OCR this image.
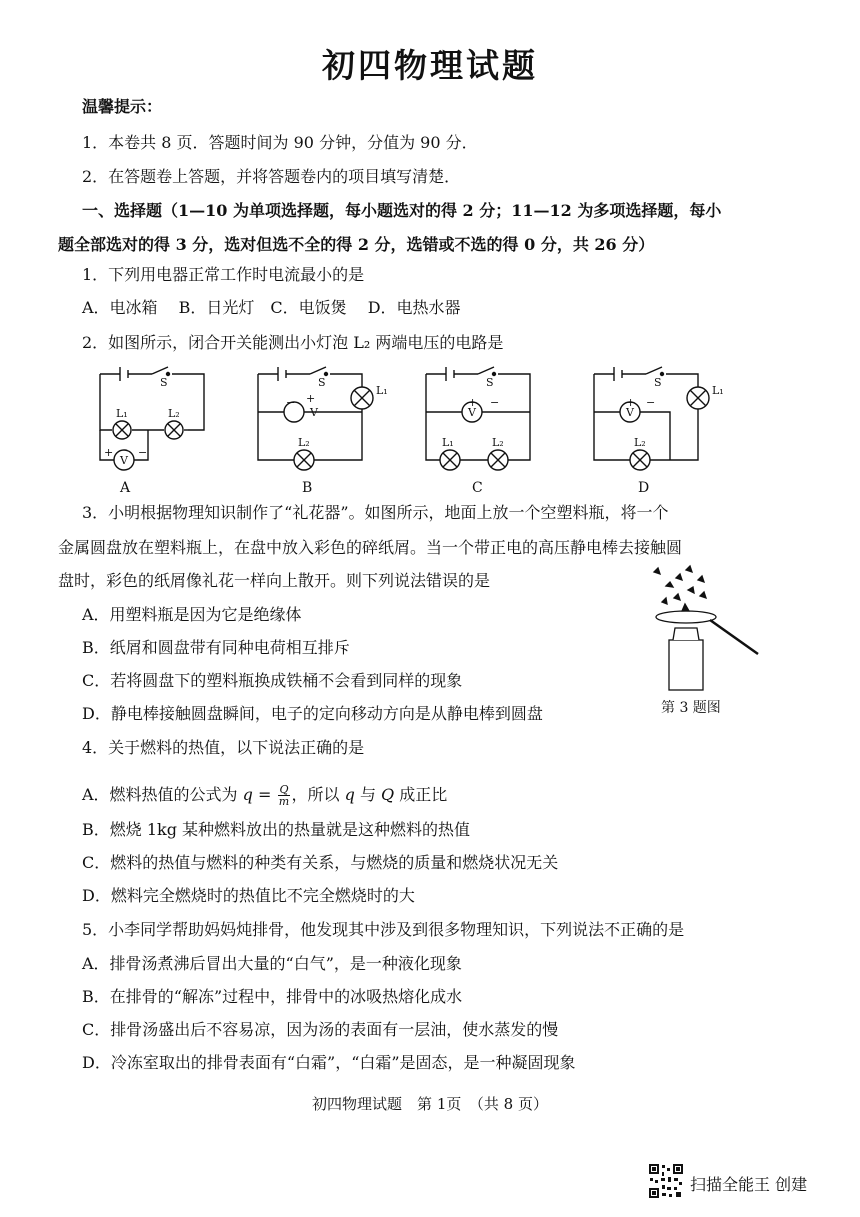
初四物理试题
温馨提示：
1．本卷共 8 页．答题时间为 90 分钟，分值为 90 分．
2．在答题卷上答题，并将答题卷内的项目填写清楚．
一、选择题（1—10 为单项选择题，每小题选对的得 2 分；11—12 为多项选择题，每小
题全部选对的得 3 分，选对但选不全的得 2 分，选错或不选的得 0 分，共 26 分）
1．下列用电器正常工作时电流最小的是
A．电冰箱　 B．日光灯　C．电饭煲　 D．电热水器
2．如图所示，闭合开关能测出小灯泡 L₂ 两端电压的电路是
S
L₁	L₂
V
+ −
A
S
L₁
V
− +
L₂
B
S
+ −
V
L₁	L₂
C
S
L₁
+ −
V
L₂
D
3．小明根据物理知识制作了“礼花器”。如图所示，地面上放一个空塑料瓶，将一个
金属圆盘放在塑料瓶上，在盘中放入彩色的碎纸屑。当一个带正电的高压静电棒去接触圆
盘时，彩色的纸屑像礼花一样向上散开。则下列说法错误的是
A．用塑料瓶是因为它是绝缘体
B．纸屑和圆盘带有同种电荷相互排斥
C．若将圆盘下的塑料瓶换成铁桶不会看到同样的现象
D．静电棒接触圆盘瞬间，电子的定向移动方向是从静电棒到圆盘	第 3 题图
4．关于燃料的热值，以下说法正确的是
A．燃料热值的公式为 $q = \frac{Q}{m}$ ，所以 q 与 Q 成正比
B．燃烧 1kg 某种燃料放出的热量就是这种燃料的热值
C．燃料的热值与燃料的种类有关系，与燃烧的质量和燃烧状况无关
D．燃料完全燃烧时的热值比不完全燃烧时的大
5．小李同学帮助妈妈炖排骨，他发现其中涉及到很多物理知识，下列说法不正确的是
A．排骨汤煮沸后冒出大量的“白气”，是一种液化现象
B．在排骨的“解冻”过程中，排骨中的冰吸热熔化成水
C．排骨汤盛出后不容易凉，因为汤的表面有一层油，使水蒸发的慢
D．冷冻室取出的排骨表面有“白霜”，“白霜”是固态，是一种凝固现象
初四物理试题　第 1页　（共 8 页）
扫描全能王 创建
